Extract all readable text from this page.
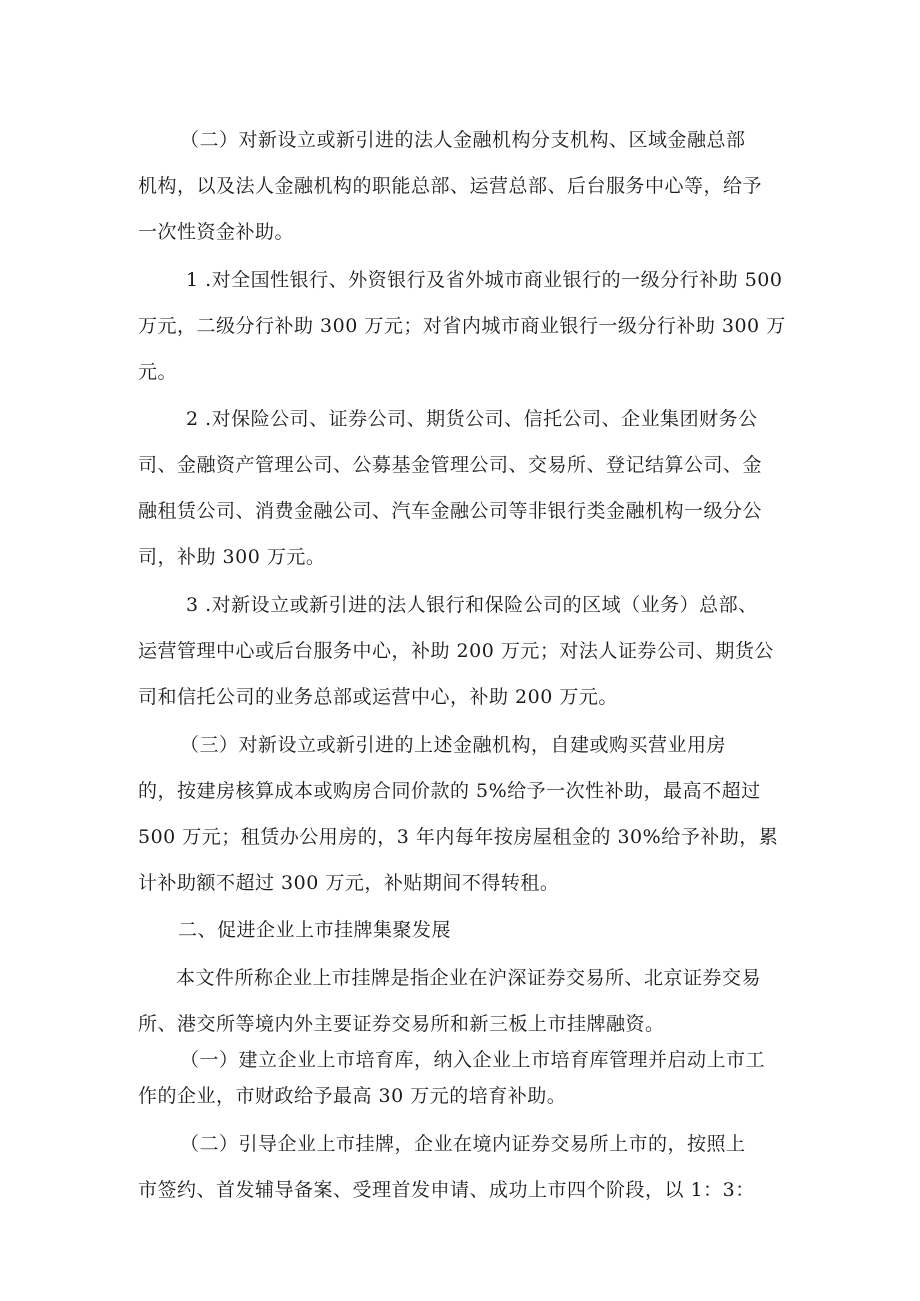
（二）对新设立或新引进的法人金融机构分支机构、区域金融总部
机构，以及法人金融机构的职能总部、运营总部、后台服务中心等，给予
一次性资金补助。
1 .对全国性银行、外资银行及省外城市商业银行的一级分行补助 500
万元，二级分行补助 300 万元；对省内城市商业银行一级分行补助 300 万
元。
2 .对保险公司、证券公司、期货公司、信托公司、企业集团财务公
司、金融资产管理公司、公募基金管理公司、交易所、登记结算公司、金
融租赁公司、消费金融公司、汽车金融公司等非银行类金融机构一级分公
司，补助 300 万元。
3 .对新设立或新引进的法人银行和保险公司的区域（业务）总部、
运营管理中心或后台服务中心，补助 200 万元；对法人证券公司、期货公
司和信托公司的业务总部或运营中心，补助 200 万元。
（三）对新设立或新引进的上述金融机构，自建或购买营业用房
的，按建房核算成本或购房合同价款的 5%给予一次性补助，最高不超过
500 万元；租赁办公用房的，3 年内每年按房屋租金的 30%给予补助，累
计补助额不超过 300 万元，补贴期间不得转租。
二、促进企业上市挂牌集聚发展
本文件所称企业上市挂牌是指企业在沪深证券交易所、北京证券交易
所、港交所等境内外主要证券交易所和新三板上市挂牌融资。
（一）建立企业上市培育库，纳入企业上市培育库管理并启动上市工
作的企业，市财政给予最高 30 万元的培育补助。
（二）引导企业上市挂牌，企业在境内证券交易所上市的，按照上
市签约、首发辅导备案、受理首发申请、成功上市四个阶段，以 1：3：
